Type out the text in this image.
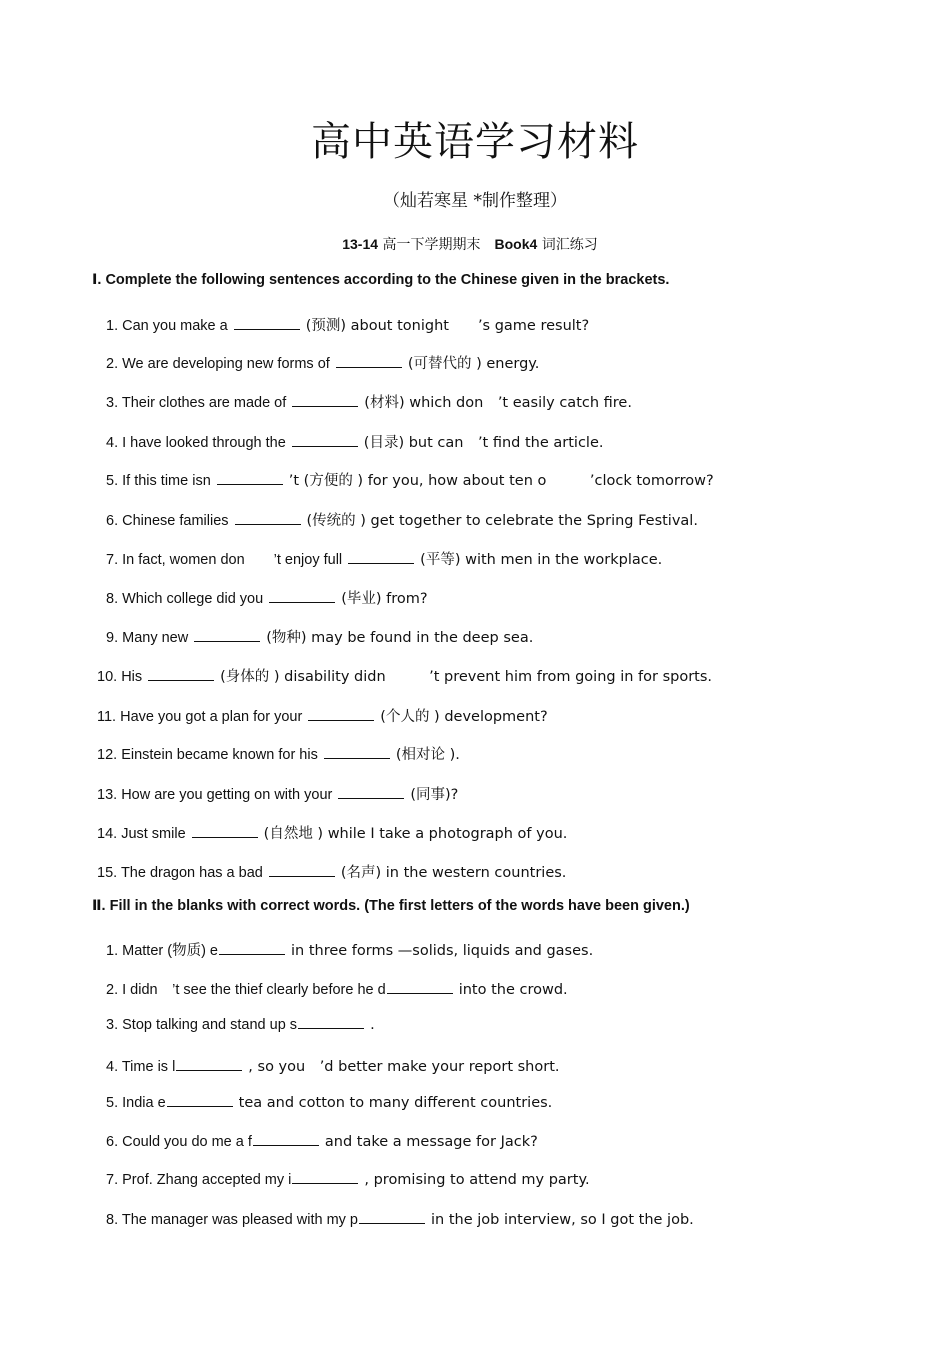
高中英语学习材料
（灿若寒星 *制作整理）
13-14 高一下学期期末　Book4 词汇练习
Ⅰ. Complete the following sentences according to the Chinese given in the brackets.
1. Can you make a	(预测) about tonight　　’s game result?
2. We are developing new forms of	(可替代的 ) energy.
3. Their clothes are made of	(材料) which don　’t easily catch fire.
4. I have looked through the	(目录) but can　’t find the article.
5. If this time isn	’t (方便的 ) for you, how about ten o　　　’clock tomorrow?
6. Chinese families	(传统的 ) get together to celebrate the Spring Festival.
7. In fact, women don　　’t enjoy full	(平等) with men in the workplace.
8. Which college did you	(毕业) from?
9. Many new	(物种) may be found in the deep sea.
10. His	(身体的 ) disability didn　　　’t prevent him from going in for sports.
11. Have you got a plan for your	(个人的 ) development?
12. Einstein became known for his	(相对论 ).
13. How are you getting on with your	(同事)?
14. Just smile	(自然地 ) while I take a photograph of you.
15. The dragon has a bad	(名声) in the western countries.
Ⅱ. Fill in the blanks with correct words. (The first letters of the words have been given.)
1. Matter (物质) e	in three forms —solids, liquids and gases.
2. I didn　’t see the thief clearly before he d	into the crowd.
3. Stop talking and stand up s	.
4. Time is l	, so you　’d better make your report short.
5. India e	tea and cotton to many different countries.
6. Could you do me a f	and take a message for Jack?
7. Prof. Zhang accepted my i	, promising to attend my party.
8. The manager was pleased with my p	in the job interview, so I got the job.
